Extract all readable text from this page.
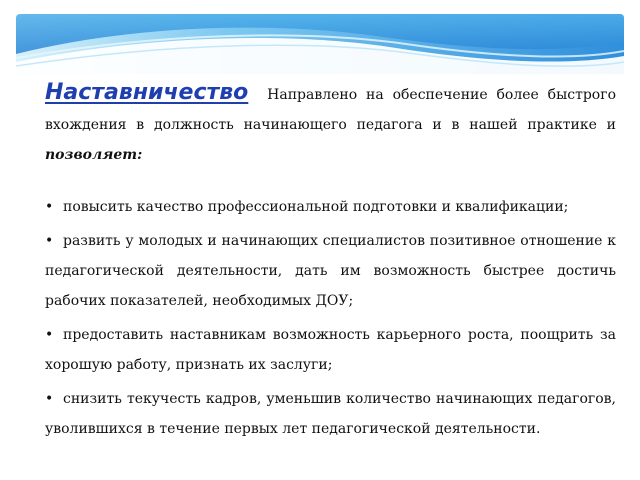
Наставничество Направлено на обеспечение более быстрого вхождения в должность начинающего педагога и в нашей практике и позволяет:

• повысить качество профессиональной подготовки и квалификации;
• развить у молодых и начинающих специалистов позитивное отношение к педагогической деятельности, дать им возможность быстрее достичь рабочих показателей, необходимых ДОУ;
• предоставить наставникам возможность карьерного роста, поощрить за хорошую работу, признать их заслуги;
• снизить текучесть кадров, уменьшив количество начинающих педагогов, уволившихся в течение первых лет педагогической деятельности.
